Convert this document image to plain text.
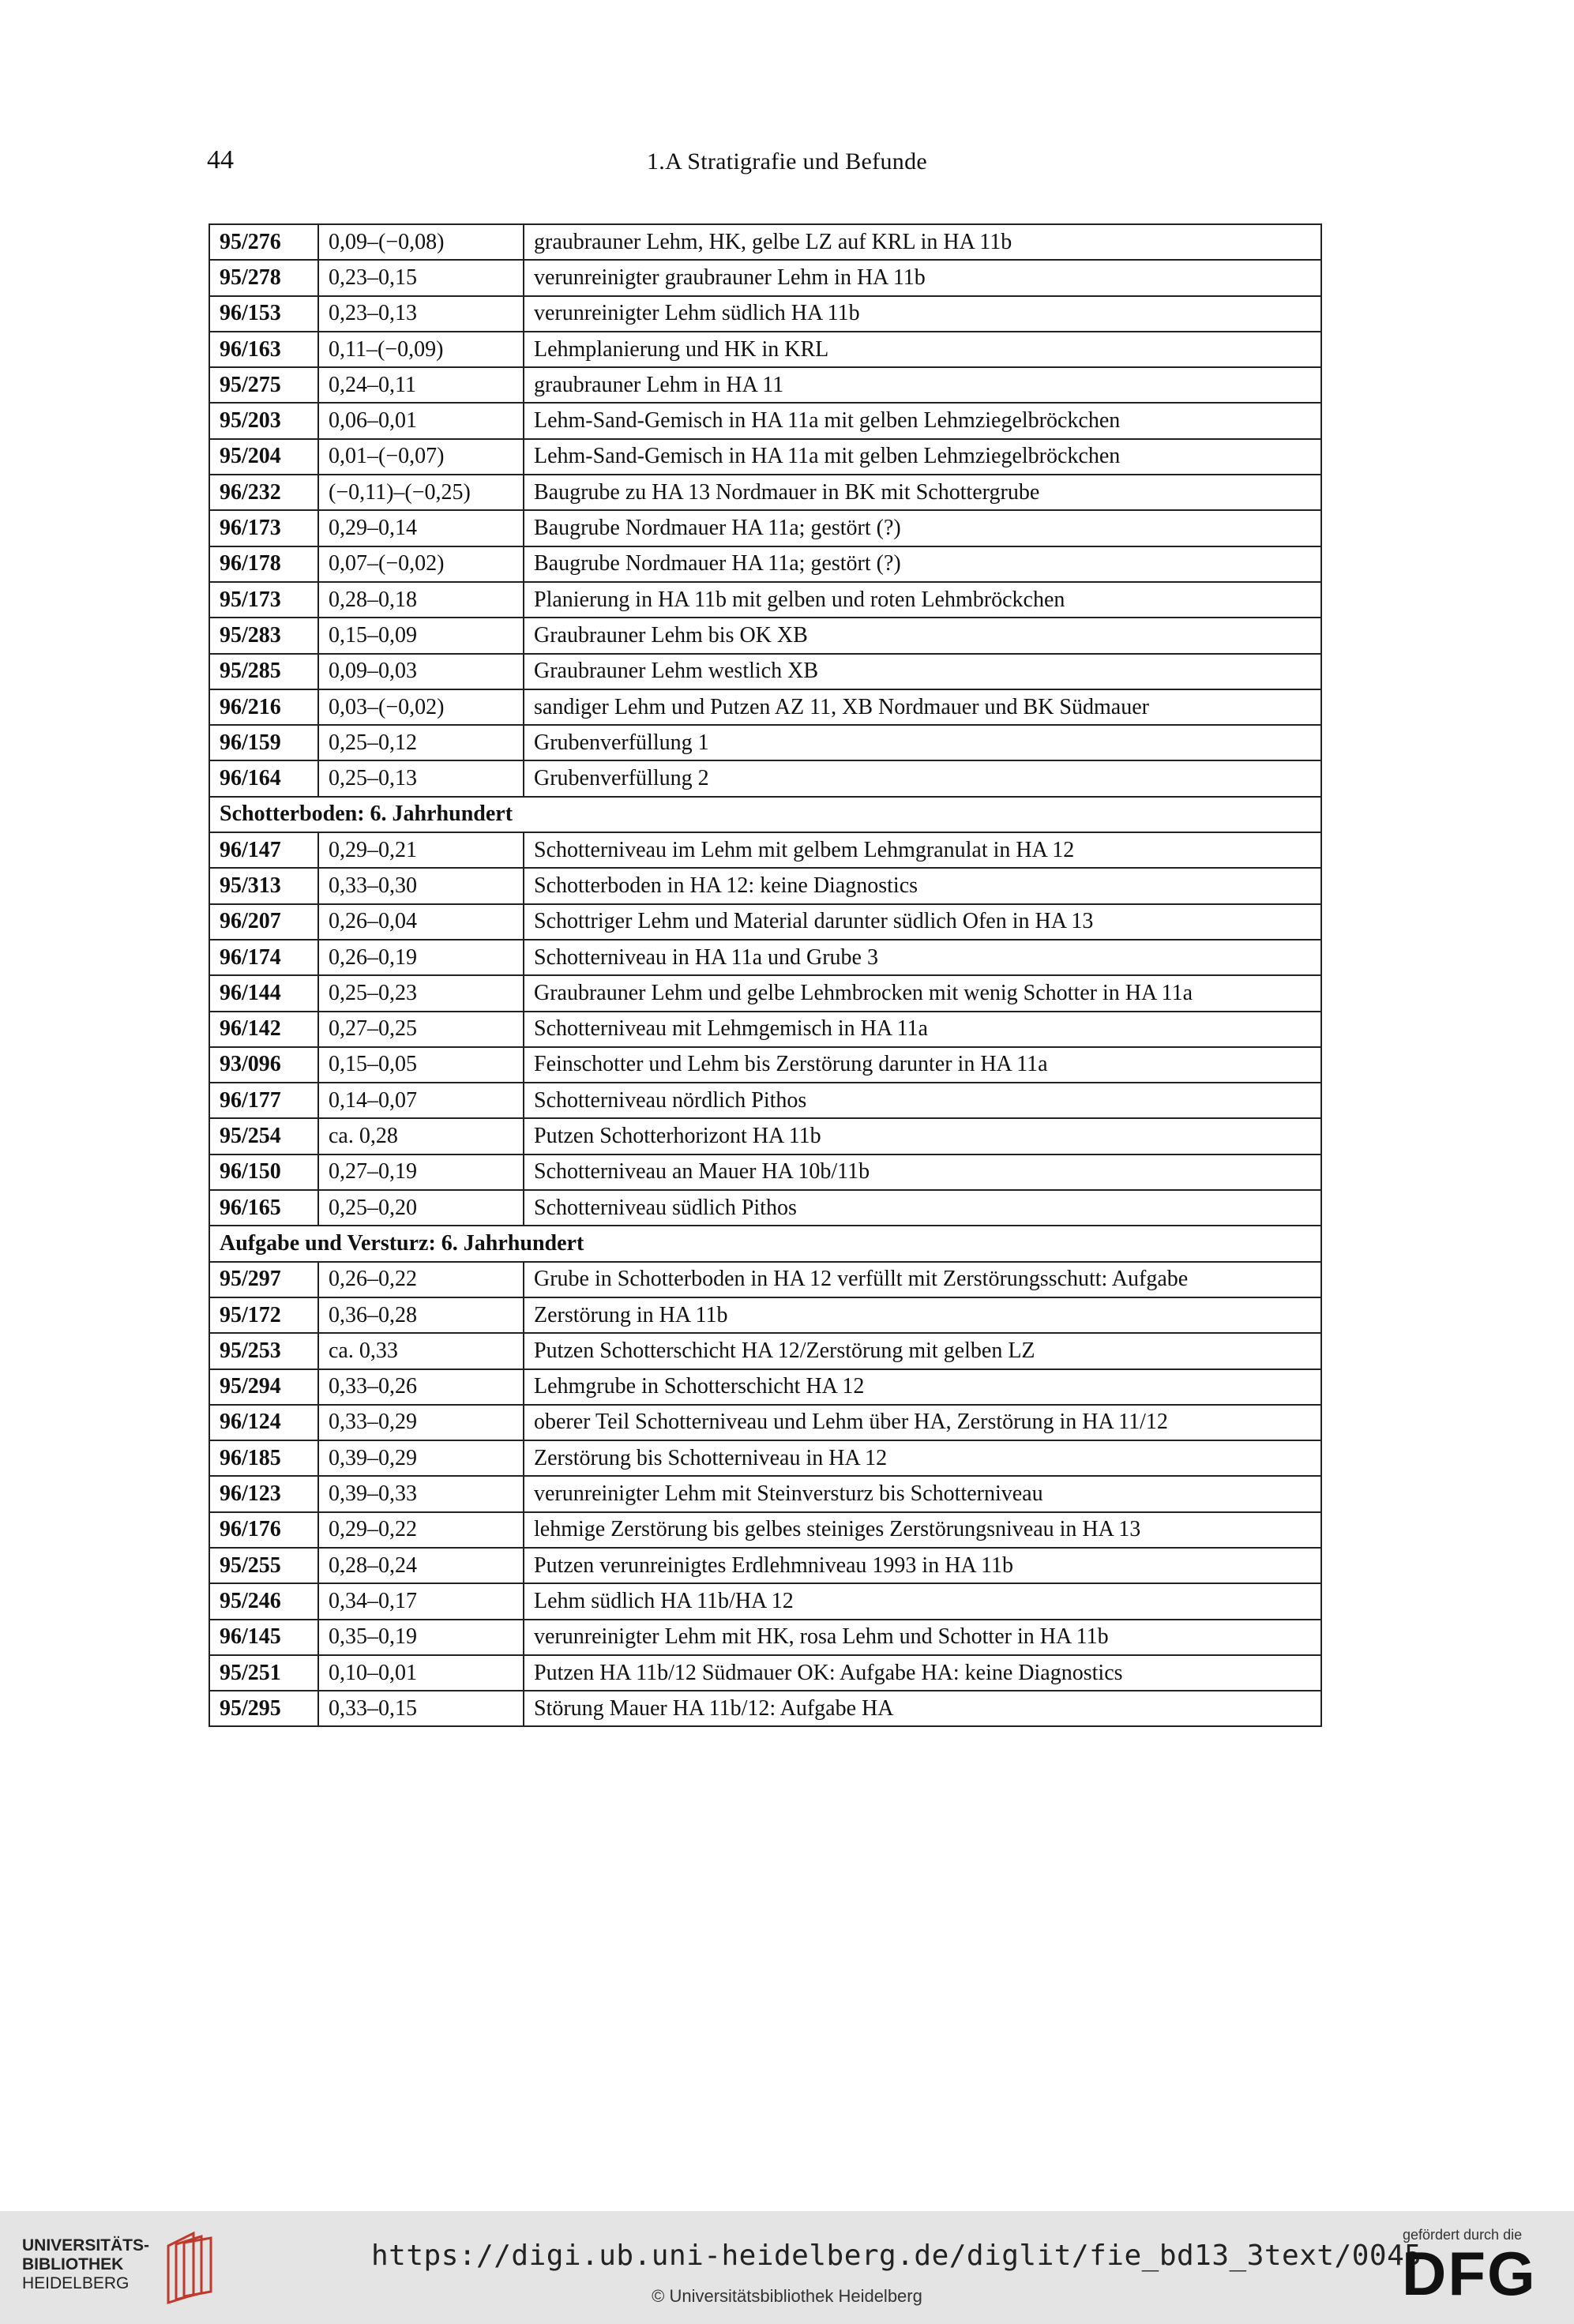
44	1.A Stratigrafie und Befunde
95/276	0,09–(−0,08)	graubrauner Lehm, HK, gelbe LZ auf KRL in HA 11b
95/278	0,23–0,15	verunreinigter graubrauner Lehm in HA 11b
96/153	0,23–0,13	verunreinigter Lehm südlich HA 11b
96/163	0,11–(−0,09)	Lehmplanierung und HK in KRL
95/275	0,24–0,11	graubrauner Lehm in HA 11
95/203	0,06–0,01	Lehm-Sand-Gemisch in HA 11a mit gelben Lehmziegelbröckchen
95/204	0,01–(−0,07)	Lehm-Sand-Gemisch in HA 11a mit gelben Lehmziegelbröckchen
96/232	(−0,11)–(−0,25)	Baugrube zu HA 13 Nordmauer in BK mit Schottergrube
96/173	0,29–0,14	Baugrube Nordmauer HA 11a; gestört (?)
96/178	0,07–(−0,02)	Baugrube Nordmauer HA 11a; gestört (?)
95/173	0,28–0,18	Planierung in HA 11b mit gelben und roten Lehmbröckchen
95/283	0,15–0,09	Graubrauner Lehm bis OK XB
95/285	0,09–0,03	Graubrauner Lehm westlich XB
96/216	0,03–(−0,02)	sandiger Lehm und Putzen AZ 11, XB Nordmauer und BK Südmauer
96/159	0,25–0,12	Grubenverfüllung 1
96/164	0,25–0,13	Grubenverfüllung 2
Schotterboden: 6. Jahrhundert		
96/147	0,29–0,21	Schotterniveau im Lehm mit gelbem Lehmgranulat in HA 12
95/313	0,33–0,30	Schotterboden in HA 12: keine Diagnostics
96/207	0,26–0,04	Schottriger Lehm und Material darunter südlich Ofen in HA 13
96/174	0,26–0,19	Schotterniveau in HA 11a und Grube 3
96/144	0,25–0,23	Graubrauner Lehm und gelbe Lehmbrocken mit wenig Schotter in HA 11a
96/142	0,27–0,25	Schotterniveau mit Lehmgemisch in HA 11a
93/096	0,15–0,05	Feinschotter und Lehm bis Zerstörung darunter in HA 11a
96/177	0,14–0,07	Schotterniveau nördlich Pithos
95/254	ca. 0,28	Putzen Schotterhorizont HA 11b
96/150	0,27–0,19	Schotterniveau an Mauer HA 10b/11b
96/165	0,25–0,20	Schotterniveau südlich Pithos
Aufgabe und Versturz: 6. Jahrhundert		
95/297	0,26–0,22	Grube in Schotterboden in HA 12 verfüllt mit Zerstörungsschutt: Aufgabe
95/172	0,36–0,28	Zerstörung in HA 11b
95/253	ca. 0,33	Putzen Schotterschicht HA 12/Zerstörung mit gelben LZ
95/294	0,33–0,26	Lehmgrube in Schotterschicht HA 12
96/124	0,33–0,29	oberer Teil Schotterniveau und Lehm über HA, Zerstörung in HA 11/12
96/185	0,39–0,29	Zerstörung bis Schotterniveau in HA 12
96/123	0,39–0,33	verunreinigter Lehm mit Steinversturz bis Schotterniveau
96/176	0,29–0,22	lehmige Zerstörung bis gelbes steiniges Zerstörungsniveau in HA 13
95/255	0,28–0,24	Putzen verunreinigtes Erdlehmniveau 1993 in HA 11b
95/246	0,34–0,17	Lehm südlich HA 11b/HA 12
96/145	0,35–0,19	verunreinigter Lehm mit HK, rosa Lehm und Schotter in HA 11b
95/251	0,10–0,01	Putzen HA 11b/12 Südmauer OK: Aufgabe HA: keine Diagnostics
95/295	0,33–0,15	Störung Mauer HA 11b/12: Aufgabe HA
UNIVERSITÄTS-
BIBLIOTHEK
HEIDELBERG
https://digi.ub.uni-heidelberg.de/diglit/fie_bd13_3text/0045
© Universitätsbibliothek Heidelberg
gefördert durch die
DFG
